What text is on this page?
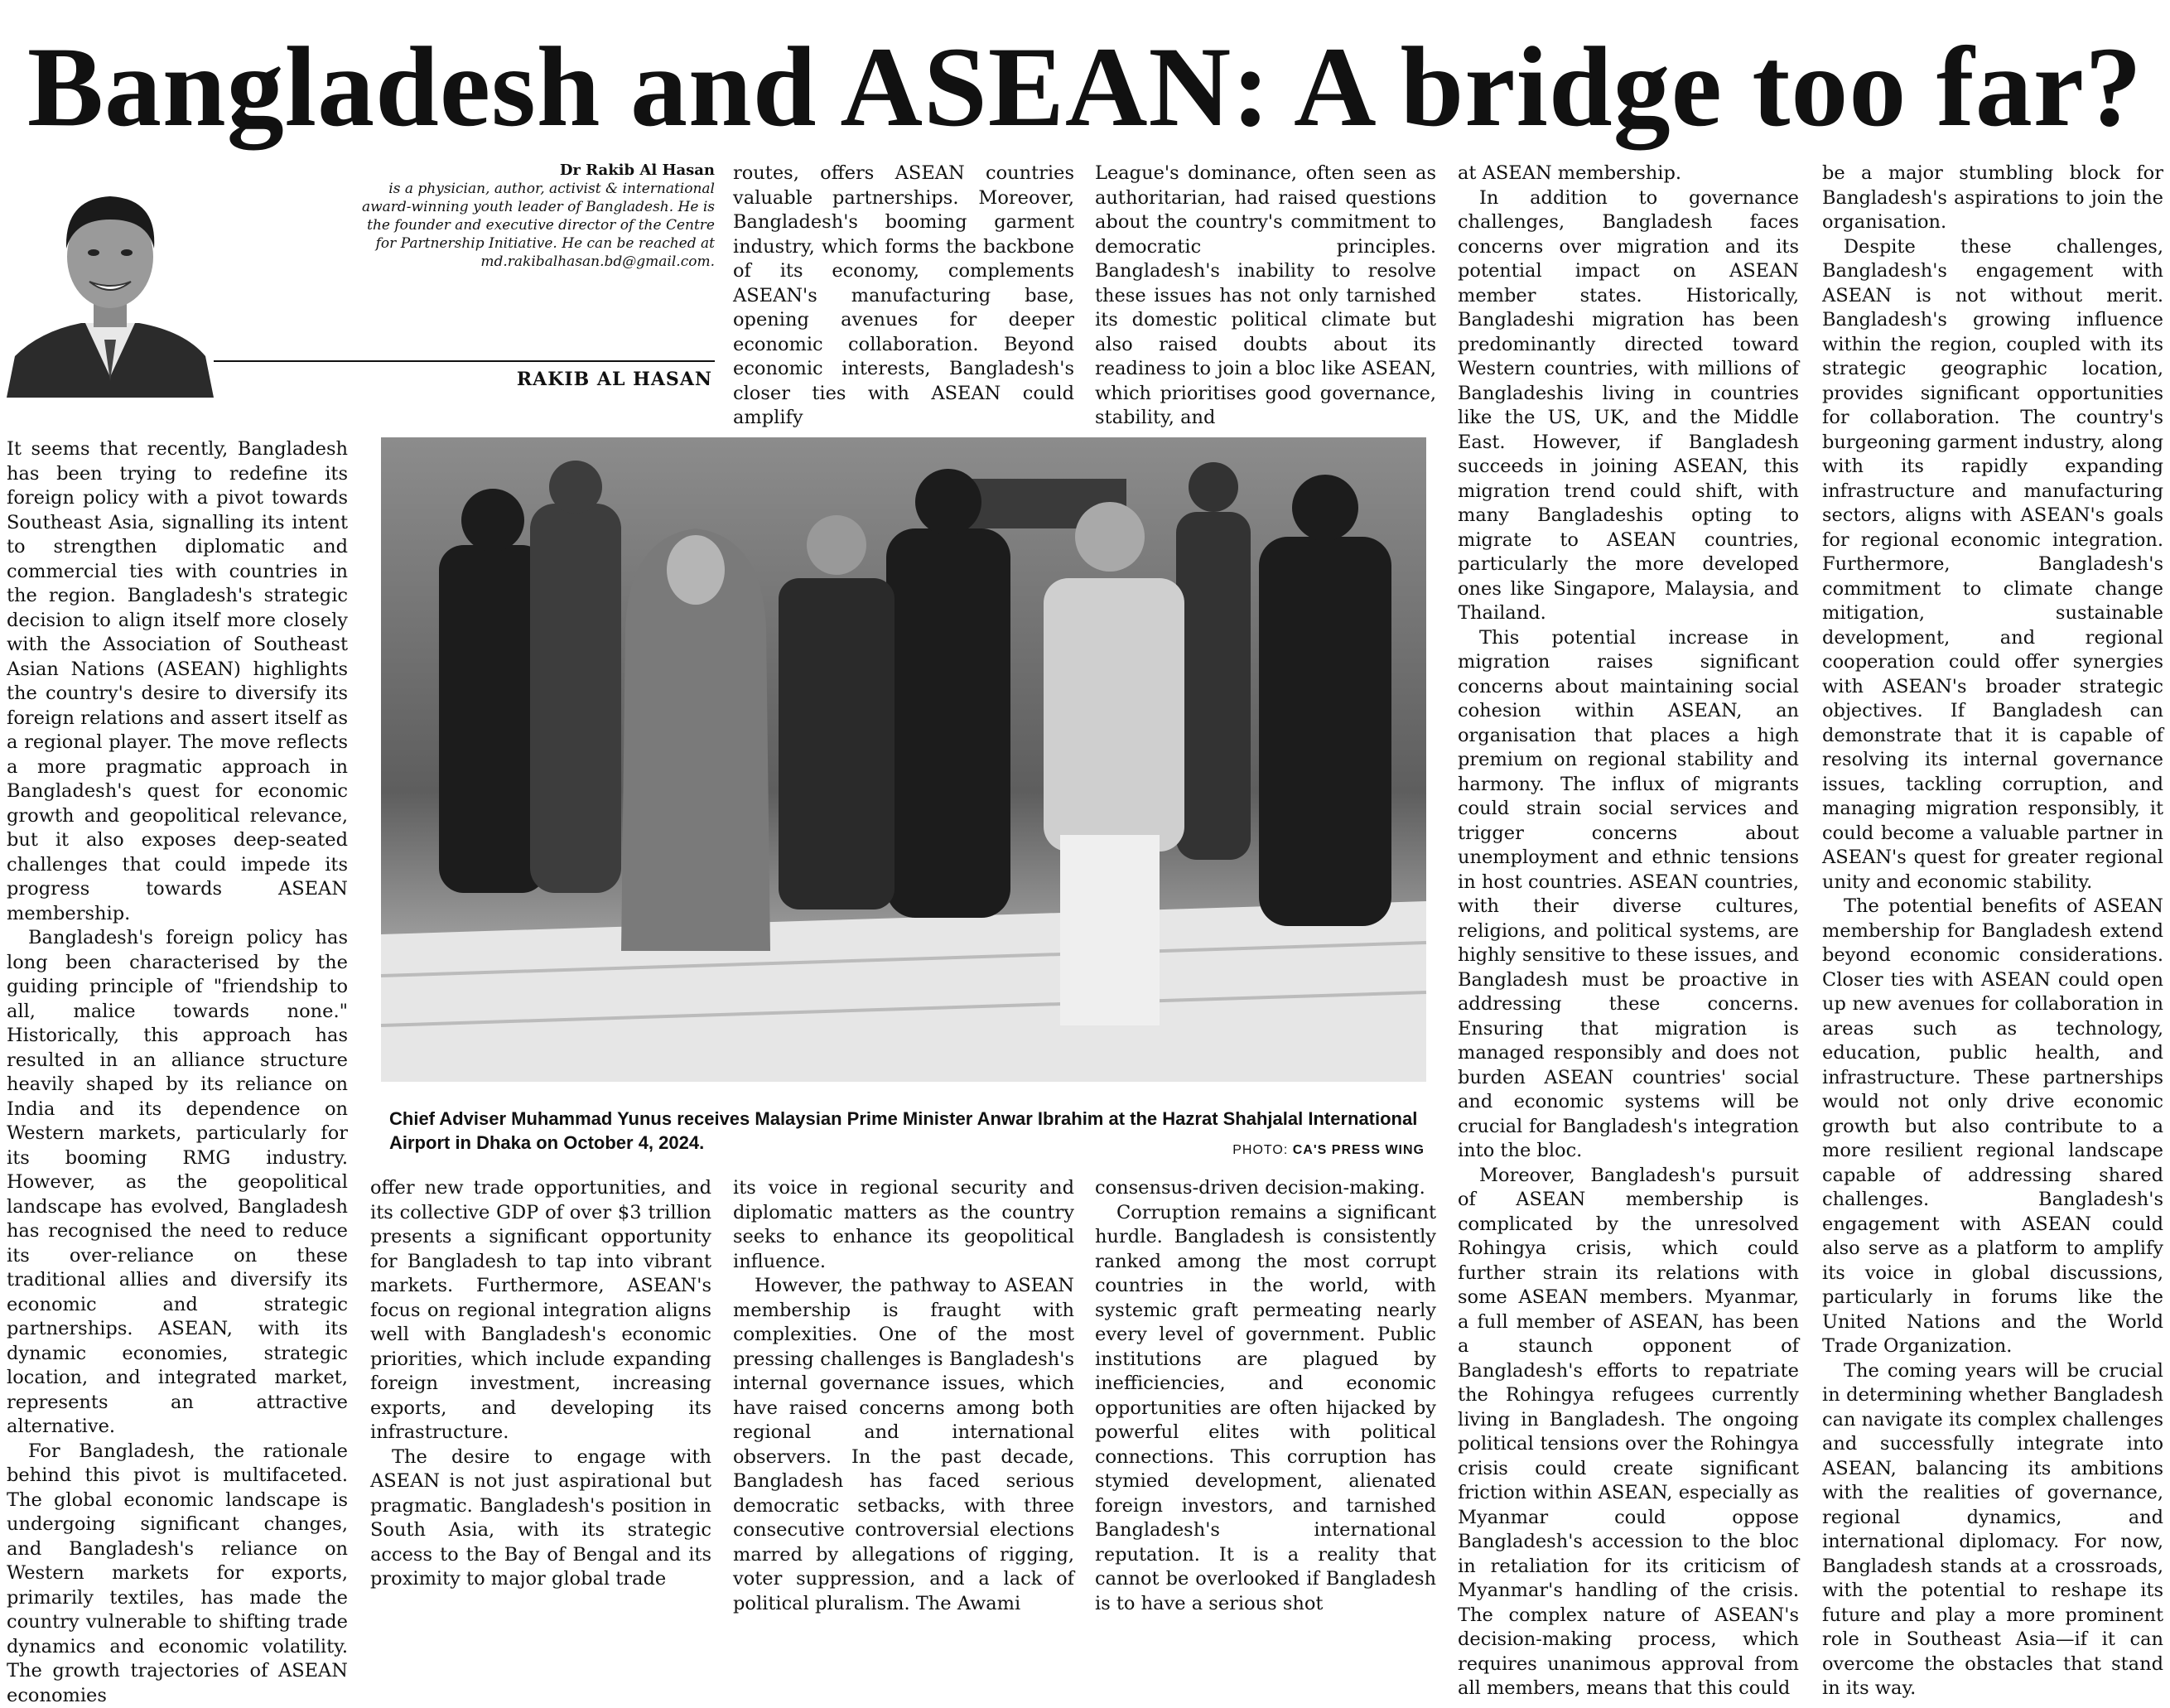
Bangladesh and ASEAN: A bridge too far?
Dr Rakib Al Hasan
is a physician, author, activist & international
award-winning youth leader of Bangladesh. He is
the founder and executive director of the Centre
for Partnership Initiative. He can be reached at
md.rakibalhasan.bd@gmail.com.
RAKIB AL HASAN

It seems that recently, Bangladesh has been trying to redefine its foreign policy with a pivot towards Southeast Asia, signalling its intent to strengthen diplomatic and commercial ties with countries in the region. Bangladesh's strategic decision to align itself more closely with the Association of Southeast Asian Nations (ASEAN) highlights the country's desire to diversify its foreign relations and assert itself as a regional player. The move reflects a more pragmatic approach in Bangladesh's quest for economic growth and geopolitical relevance, but it also exposes deep-seated challenges that could impede its progress towards ASEAN membership.

Bangladesh's foreign policy has long been characterised by the guiding principle of "friendship to all, malice towards none." Historically, this approach has resulted in an alliance structure heavily shaped by its reliance on India and its dependence on Western markets, particularly for its booming RMG industry. However, as the geopolitical landscape has evolved, Bangladesh has recognised the need to reduce its over-reliance on these traditional allies and diversify its economic and strategic partnerships. ASEAN, with its dynamic economies, strategic location, and integrated market, represents an attractive alternative.

For Bangladesh, the rationale behind this pivot is multifaceted. The global economic landscape is undergoing significant changes, and Bangladesh's reliance on Western markets for exports, primarily textiles, has made the country vulnerable to shifting trade dynamics and economic volatility. The growth trajectories of ASEAN economies

routes, offers ASEAN countries valuable partnerships. Moreover, Bangladesh's booming garment industry, which forms the backbone of its economy, complements ASEAN's manufacturing base, opening avenues for deeper economic collaboration. Beyond economic interests, Bangladesh's closer ties with ASEAN could amplify

League's dominance, often seen as authoritarian, had raised questions about the country's commitment to democratic principles. Bangladesh's inability to resolve these issues has not only tarnished its domestic political climate but also raised doubts about its readiness to join a bloc like ASEAN, which prioritises good governance, stability, and

Chief Adviser Muhammad Yunus receives Malaysian Prime Minister Anwar Ibrahim at the Hazrat Shahjalal International Airport in Dhaka on October 4, 2024.	PHOTO: CA'S PRESS WING

offer new trade opportunities, and its collective GDP of over $3 trillion presents a significant opportunity for Bangladesh to tap into vibrant markets. Furthermore, ASEAN's focus on regional integration aligns well with Bangladesh's economic priorities, which include expanding foreign investment, increasing exports, and developing its infrastructure.

The desire to engage with ASEAN is not just aspirational but pragmatic. Bangladesh's position in South Asia, with its strategic access to the Bay of Bengal and its proximity to major global trade

its voice in regional security and diplomatic matters as the country seeks to enhance its geopolitical influence.

However, the pathway to ASEAN membership is fraught with complexities. One of the most pressing challenges is Bangladesh's internal governance issues, which have raised concerns among both regional and international observers. In the past decade, Bangladesh has faced serious democratic setbacks, with three consecutive controversial elections marred by allegations of rigging, voter suppression, and a lack of political pluralism. The Awami

consensus-driven decision-making.

Corruption remains a significant hurdle. Bangladesh is consistently ranked among the most corrupt countries in the world, with systemic graft permeating nearly every level of government. Public institutions are plagued by inefficiencies, and economic opportunities are often hijacked by powerful elites with political connections. This corruption has stymied development, alienated foreign investors, and tarnished Bangladesh's international reputation. It is a reality that cannot be overlooked if Bangladesh is to have a serious shot

at ASEAN membership.

In addition to governance challenges, Bangladesh faces concerns over migration and its potential impact on ASEAN member states. Historically, Bangladeshi migration has been predominantly directed toward Western countries, with millions of Bangladeshis living in countries like the US, UK, and the Middle East. However, if Bangladesh succeeds in joining ASEAN, this migration trend could shift, with many Bangladeshis opting to migrate to ASEAN countries, particularly the more developed ones like Singapore, Malaysia, and Thailand.

This potential increase in migration raises significant concerns about maintaining social cohesion within ASEAN, an organisation that places a high premium on regional stability and harmony. The influx of migrants could strain social services and trigger concerns about unemployment and ethnic tensions in host countries. ASEAN countries, with their diverse cultures, religions, and political systems, are highly sensitive to these issues, and Bangladesh must be proactive in addressing these concerns. Ensuring that migration is managed responsibly and does not burden ASEAN countries' social and economic systems will be crucial for Bangladesh's integration into the bloc.

Moreover, Bangladesh's pursuit of ASEAN membership is complicated by the unresolved Rohingya crisis, which could further strain its relations with some ASEAN members. Myanmar, a full member of ASEAN, has been a staunch opponent of Bangladesh's efforts to repatriate the Rohingya refugees currently living in Bangladesh. The ongoing political tensions over the Rohingya crisis could create significant friction within ASEAN, especially as Myanmar could oppose Bangladesh's accession to the bloc in retaliation for its criticism of Myanmar's handling of the crisis. The complex nature of ASEAN's decision-making process, which requires unanimous approval from all members, means that this could

be a major stumbling block for Bangladesh's aspirations to join the organisation.

Despite these challenges, Bangladesh's engagement with ASEAN is not without merit. Bangladesh's growing influence within the region, coupled with its strategic geographic location, provides significant opportunities for collaboration. The country's burgeoning garment industry, along with its rapidly expanding infrastructure and manufacturing sectors, aligns with ASEAN's goals for regional economic integration. Furthermore, Bangladesh's commitment to climate change mitigation, sustainable development, and regional cooperation could offer synergies with ASEAN's broader strategic objectives. If Bangladesh can demonstrate that it is capable of resolving its internal governance issues, tackling corruption, and managing migration responsibly, it could become a valuable partner in ASEAN's quest for greater regional unity and economic stability.

The potential benefits of ASEAN membership for Bangladesh extend beyond economic considerations. Closer ties with ASEAN could open up new avenues for collaboration in areas such as technology, education, public health, and infrastructure. These partnerships would not only drive economic growth but also contribute to a more resilient regional landscape capable of addressing shared challenges. Bangladesh's engagement with ASEAN could also serve as a platform to amplify its voice in global discussions, particularly in forums like the United Nations and the World Trade Organization.

The coming years will be crucial in determining whether Bangladesh can navigate its complex challenges and successfully integrate into ASEAN, balancing its ambitions with the realities of governance, regional dynamics, and international diplomacy. For now, Bangladesh stands at a crossroads, with the potential to reshape its future and play a more prominent role in Southeast Asia—if it can overcome the obstacles that stand in its way.
